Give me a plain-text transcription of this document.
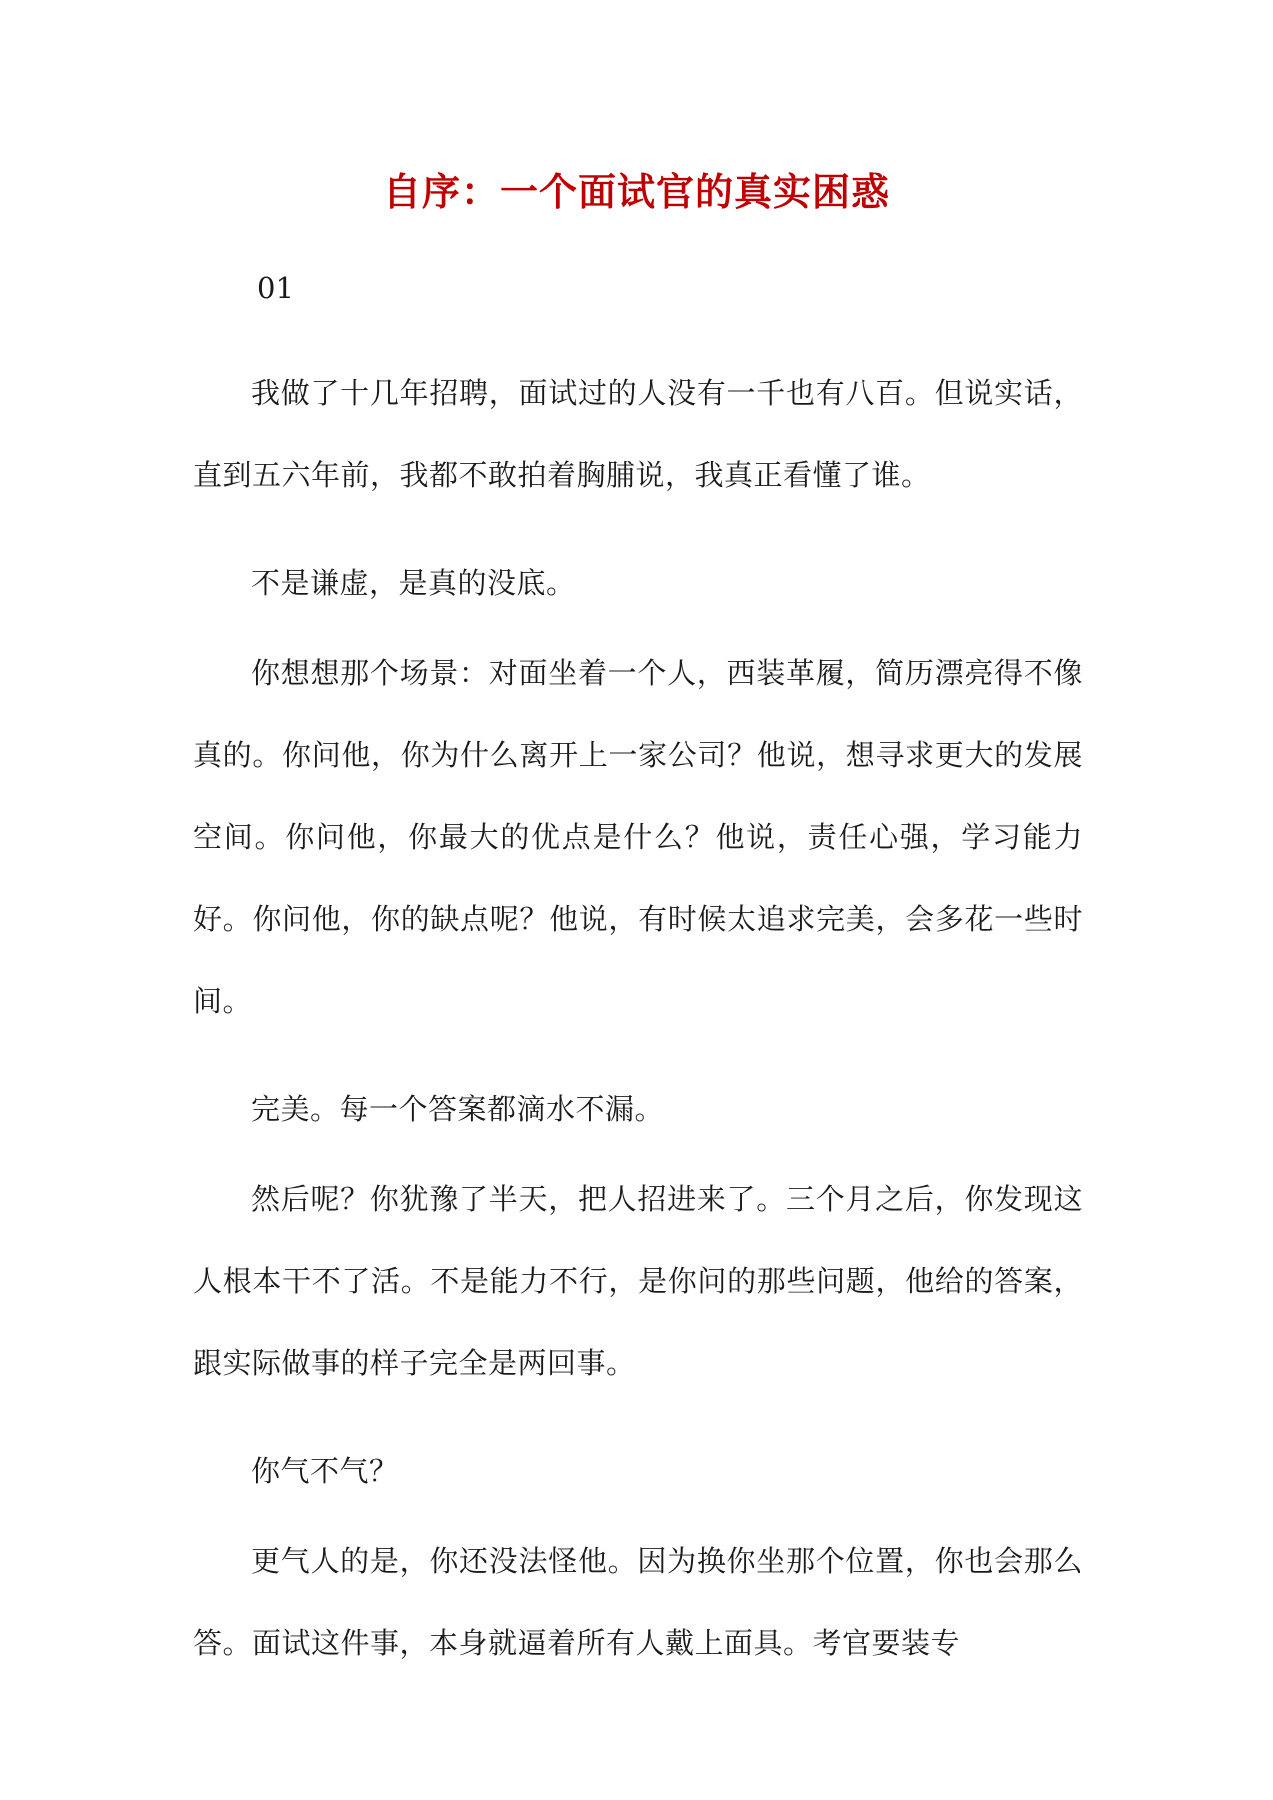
自序：一个面试官的真实困惑
01

我做了十几年招聘，面试过的人没有一千也有八百。但说实话，直到五六年前，我都不敢拍着胸脯说，我真正看懂了谁。

不是谦虚，是真的没底。

你想想那个场景：对面坐着一个人，西装革履，简历漂亮得不像真的。你问他，你为什么离开上一家公司？他说，想寻求更大的发展空间。你问他，你最大的优点是什么？他说，责任心强，学习能力好。你问他，你的缺点呢？他说，有时候太追求完美，会多花一些时间。

完美。每一个答案都滴水不漏。

然后呢？你犹豫了半天，把人招进来了。三个月之后，你发现这人根本干不了活。不是能力不行，是你问的那些问题，他给的答案，跟实际做事的样子完全是两回事。

你气不气？

更气人的是，你还没法怪他。因为换你坐那个位置，你也会那么答。面试这件事，本身就逼着所有人戴上面具。考官要装专
